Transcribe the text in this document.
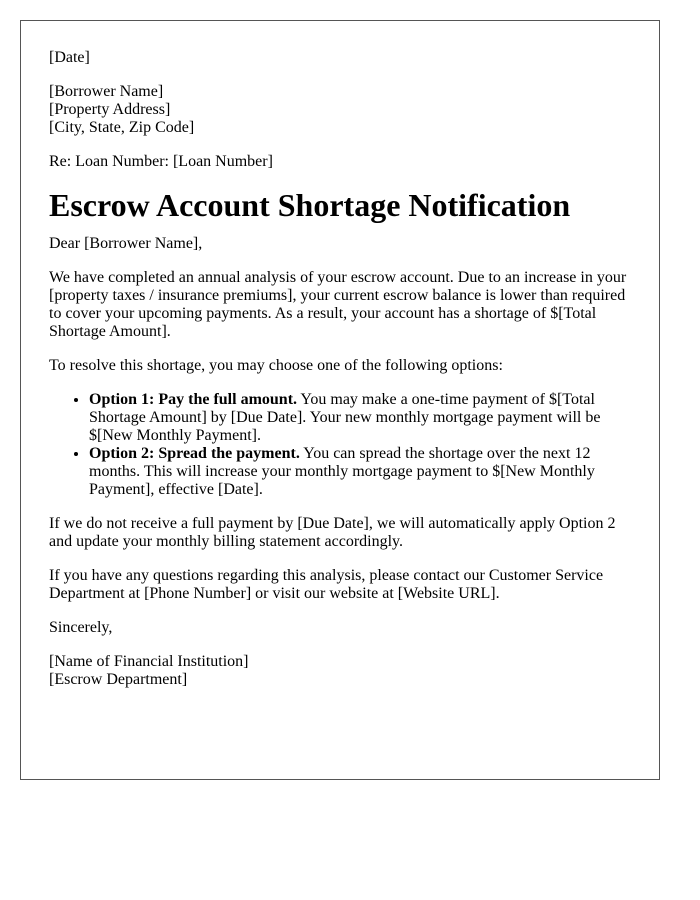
[Date]
[Borrower Name]
[Property Address]
[City, State, Zip Code]
Re: Loan Number: [Loan Number]
Escrow Account Shortage Notification

Dear [Borrower Name],

We have completed an annual analysis of your escrow account. Due to an increase in your [property taxes / insurance premiums], your current escrow balance is lower than required to cover your upcoming payments. As a result, your account has a shortage of $[Total Shortage Amount].

To resolve this shortage, you may choose one of the following options:

• Option 1: Pay the full amount. You may make a one-time payment of $[Total Shortage Amount] by [Due Date]. Your new monthly mortgage payment will be $[New Monthly Payment].
• Option 2: Spread the payment. You can spread the shortage over the next 12 months. This will increase your monthly mortgage payment to $[New Monthly Payment], effective [Date].

If we do not receive a full payment by [Due Date], we will automatically apply Option 2 and update your monthly billing statement accordingly.

If you have any questions regarding this analysis, please contact our Customer Service Department at [Phone Number] or visit our website at [Website URL].

Sincerely,

[Name of Financial Institution]
[Escrow Department]
